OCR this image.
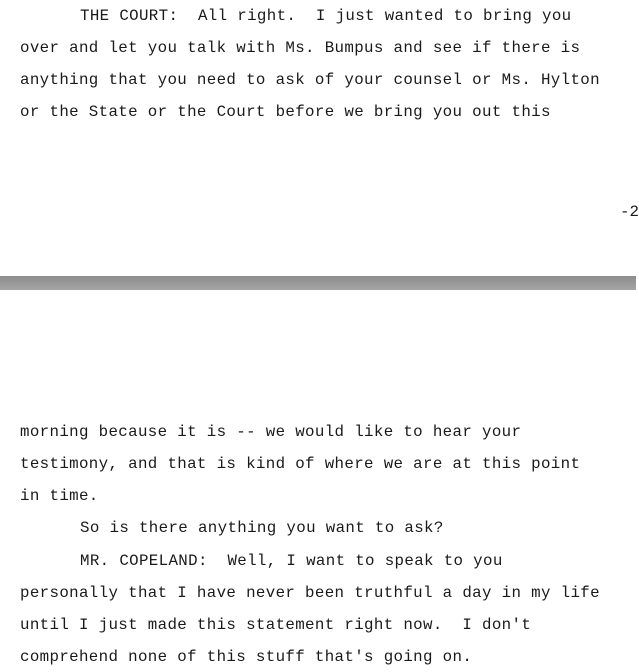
THE COURT:  All right.  I just wanted to bring you
over and let you talk with Ms. Bumpus and see if there is
anything that you need to ask of your counsel or Ms. Hylton
or the State or the Court before we bring you out this
-2
morning because it is -- we would like to hear your
testimony, and that is kind of where we are at this point
in time.
So is there anything you want to ask?
MR. COPELAND:  Well, I want to speak to you
personally that I have never been truthful a day in my life
until I just made this statement right now.  I don't
comprehend none of this stuff that's going on.
